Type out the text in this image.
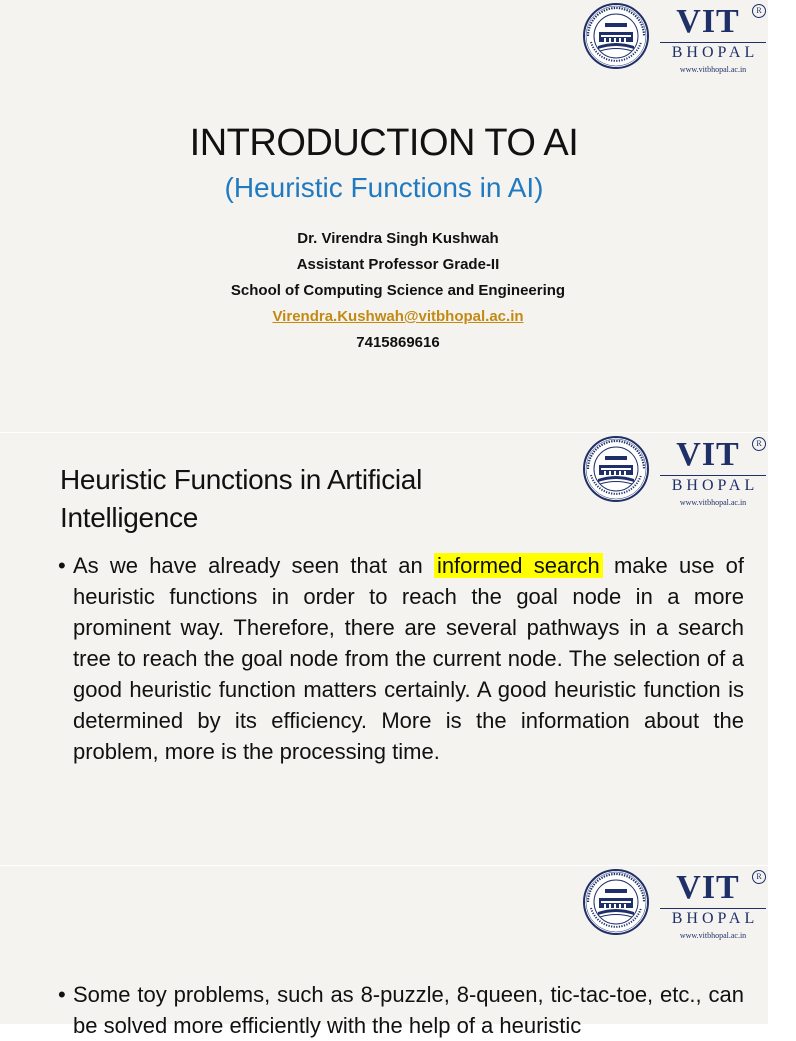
VIT	R
BHOPAL
www.vitbhopal.ac.in
INTRODUCTION TO AI
(Heuristic Functions in AI)
Dr. Virendra Singh Kushwah
Assistant Professor Grade-II
School of Computing Science and Engineering
Virendra.Kushwah@vitbhopal.ac.in
7415869616
VIT	R
BHOPAL
www.vitbhopal.ac.in
Heuristic Functions in Artificial
Intelligence
• As we have already seen that an informed search make use of heuristic functions in order to reach the goal node in a more prominent way. Therefore, there are several pathways in a search tree to reach the goal node from the current node. The selection of a good heuristic function matters certainly. A good heuristic function is determined by its efficiency. More is the information about the problem, more is the processing time.
VIT	R
BHOPAL
www.vitbhopal.ac.in
• Some toy problems, such as 8-puzzle, 8-queen, tic-tac-toe, etc., can be solved more efficiently with the help of a heuristic
